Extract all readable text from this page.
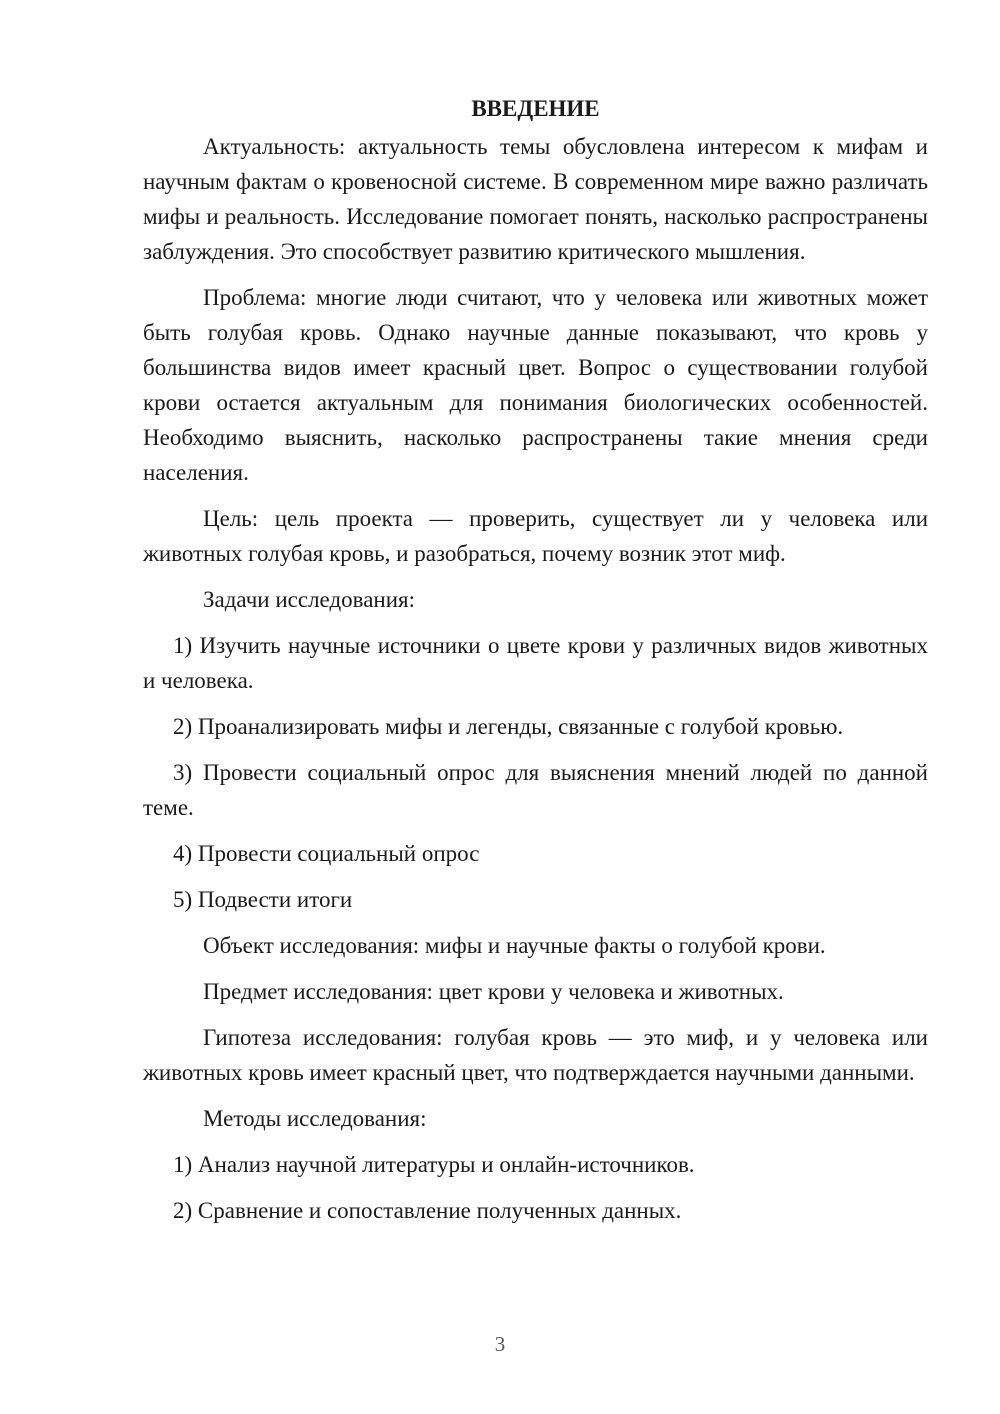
ВВЕДЕНИЕ

Актуальность: актуальность темы обусловлена интересом к мифам и научным фактам о кровеносной системе. В современном мире важно различать мифы и реальность. Исследование помогает понять, насколько распространены заблуждения. Это способствует развитию критического мышления.

Проблема: многие люди считают, что у человека или животных может быть голубая кровь. Однако научные данные показывают, что кровь у большинства видов имеет красный цвет. Вопрос о существовании голубой крови остается актуальным для понимания биологических особенностей. Необходимо выяснить, насколько распространены такие мнения среди населения.

Цель: цель проекта — проверить, существует ли у человека или животных голубая кровь, и разобраться, почему возник этот миф.

Задачи исследования:

1) Изучить научные источники о цвете крови у различных видов животных и человека.

2) Проанализировать мифы и легенды, связанные с голубой кровью.

3) Провести социальный опрос для выяснения мнений людей по данной теме.

4) Провести социальный опрос

5) Подвести итоги

Объект исследования: мифы и научные факты о голубой крови.

Предмет исследования: цвет крови у человека и животных.

Гипотеза исследования: голубая кровь — это миф, и у человека или животных кровь имеет красный цвет, что подтверждается научными данными.

Методы исследования:

1) Анализ научной литературы и онлайн-источников.

2) Сравнение и сопоставление полученных данных.

3
